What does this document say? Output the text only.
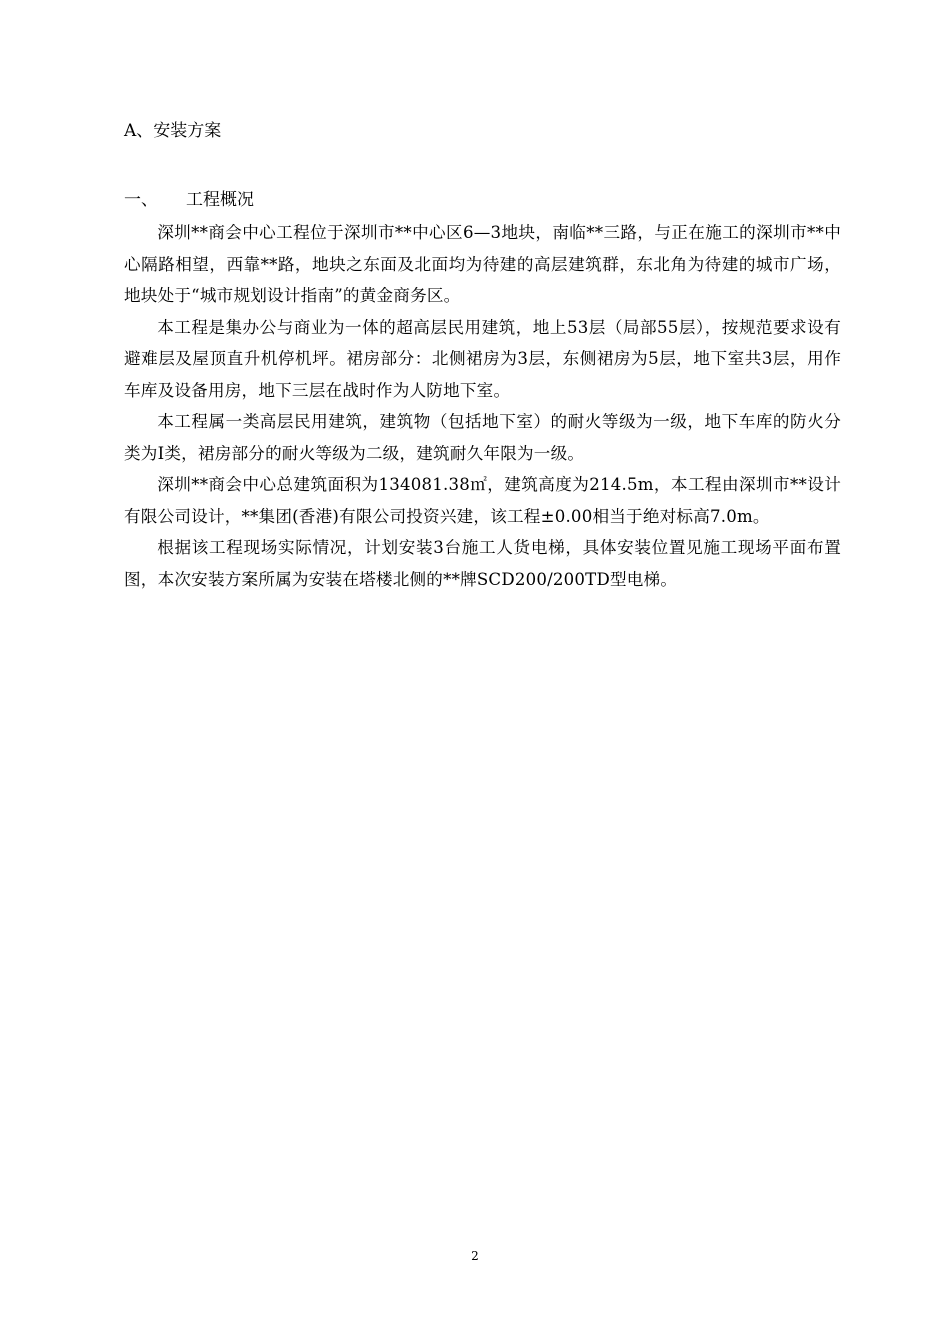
A、安装方案
一、 工程概况

深圳**商会中心工程位于深圳市**中心区6—3地块，南临**三路，与正在施工的深圳市**中心隔路相望，西靠**路，地块之东面及北面均为待建的高层建筑群，东北角为待建的城市广场，地块处于“城市规划设计指南”的黄金商务区。

本工程是集办公与商业为一体的超高层民用建筑，地上53层（局部55层），按规范要求设有避难层及屋顶直升机停机坪。裙房部分：北侧裙房为3层，东侧裙房为5层，地下室共3层，用作车库及设备用房，地下三层在战时作为人防地下室。

本工程属一类高层民用建筑，建筑物（包括地下室）的耐火等级为一级，地下车库的防火分类为Ⅰ类，裙房部分的耐火等级为二级，建筑耐久年限为一级。

深圳**商会中心总建筑面积为134081.38㎡，建筑高度为214.5m，本工程由深圳市**设计有限公司设计，**集团(香港)有限公司投资兴建，该工程±0.00相当于绝对标高7.0m。

根据该工程现场实际情况，计划安装3台施工人货电梯，具体安装位置见施工现场平面布置图，本次安装方案所属为安装在塔楼北侧的**牌SCD200/200TD型电梯。

2
